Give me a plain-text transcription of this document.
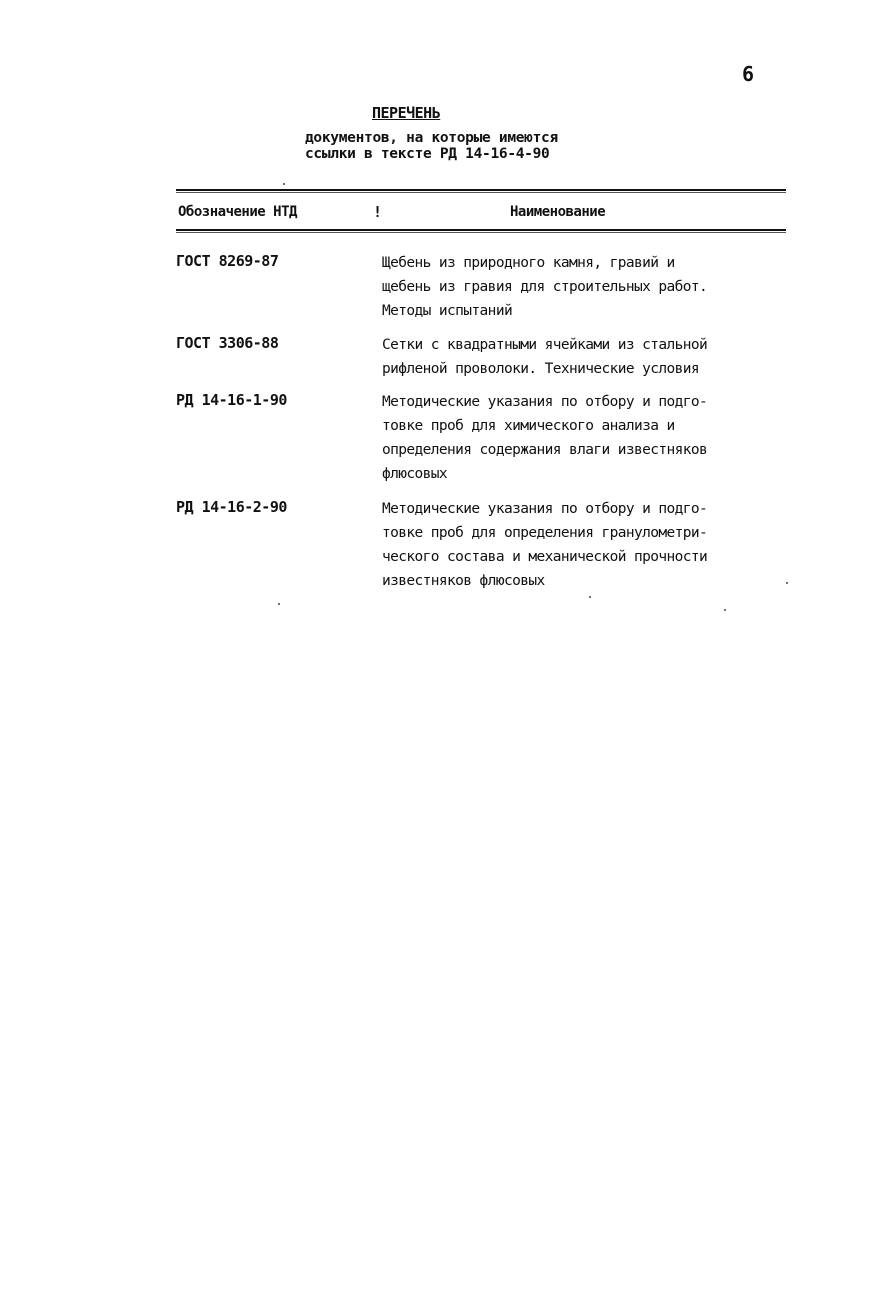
6
ПЕРЕЧЕНЬ
документов, на которые имеются
ссылки в тексте РД 14-16-4-90
Обозначение НТД	!	Наименование
ГОСТ 8269-87	Щебень из природного камня, гравий и
щебень из гравия для строительных работ.
Методы испытаний
ГОСТ 3306-88	Сетки с квадратными ячейками из стальной
рифленой проволоки. Технические условия
РД 14-16-1-90	Методические указания по отбору и подго-
товке проб для химического анализа и
определения содержания влаги известняков
флюсовых
РД 14-16-2-90	Методические указания по отбору и подго-
товке проб для определения гранулометри-
ческого состава и механической прочности
известняков флюсовых
